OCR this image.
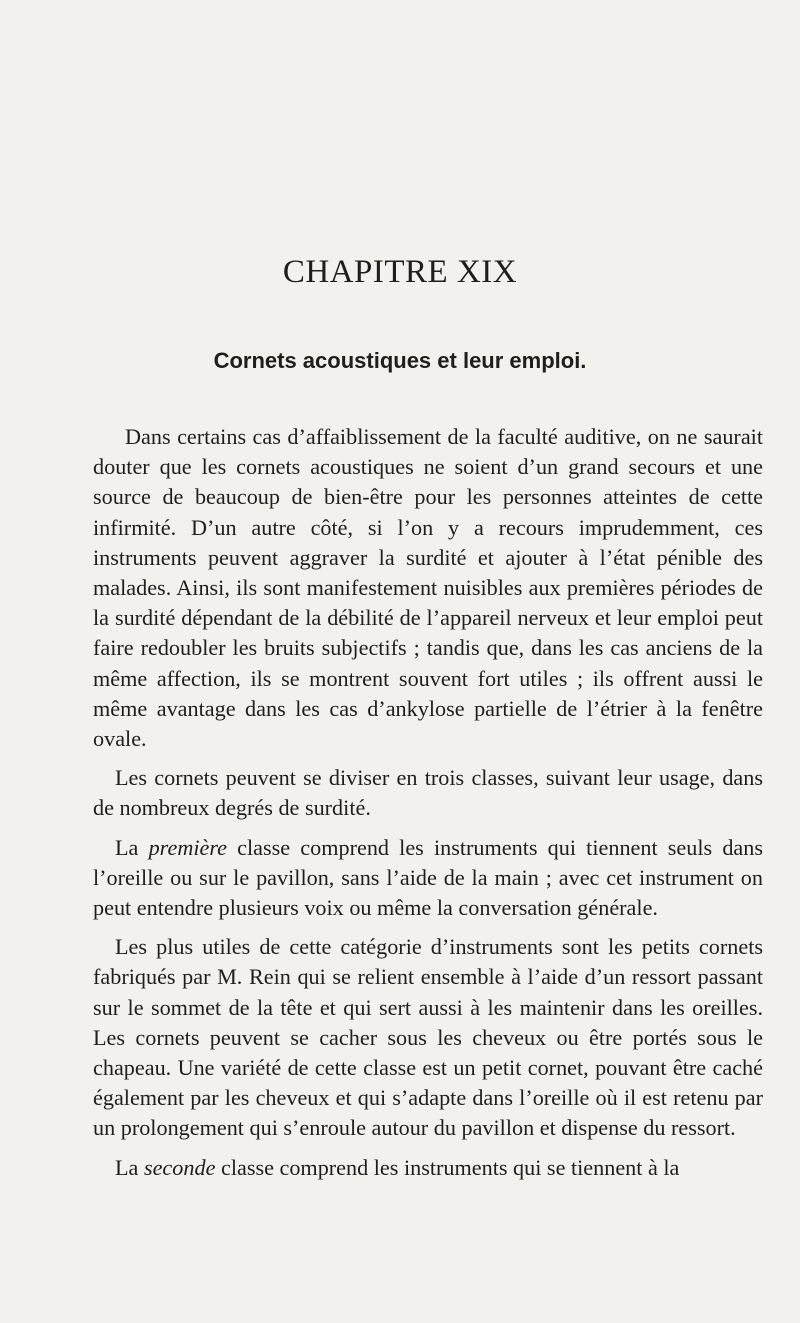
CHAPITRE XIX
Cornets acoustiques et leur emploi.

Dans certains cas d’affaiblissement de la faculté auditive, on ne saurait douter que les cornets acoustiques ne soient d’un grand secours et une source de beaucoup de bien-être pour les personnes atteintes de cette infirmité. D’un autre côté, si l’on y a recours imprudemment, ces instruments peuvent aggraver la surdité et ajouter à l’état pénible des malades. Ainsi, ils sont manifestement nuisibles aux premières périodes de la surdité dépendant de la débilité de l’appareil nerveux et leur emploi peut faire redoubler les bruits subjectifs ; tandis que, dans les cas anciens de la même affection, ils se montrent souvent fort utiles ; ils offrent aussi le même avantage dans les cas d’ankylose partielle de l’étrier à la fenêtre ovale.

Les cornets peuvent se diviser en trois classes, suivant leur usage, dans de nombreux degrés de surdité.

La première classe comprend les instruments qui tiennent seuls dans l’oreille ou sur le pavillon, sans l’aide de la main ; avec cet instrument on peut entendre plusieurs voix ou même la conversation générale.

Les plus utiles de cette catégorie d’instruments sont les petits cornets fabriqués par M. Rein qui se relient ensemble à l’aide d’un ressort passant sur le sommet de la tête et qui sert aussi à les maintenir dans les oreilles. Les cornets peuvent se cacher sous les cheveux ou être portés sous le chapeau. Une variété de cette classe est un petit cornet, pouvant être caché également par les cheveux et qui s’adapte dans l’oreille où il est retenu par un prolongement qui s’enroule autour du pavillon et dispense du ressort.

La seconde classe comprend les instruments qui se tiennent à la
